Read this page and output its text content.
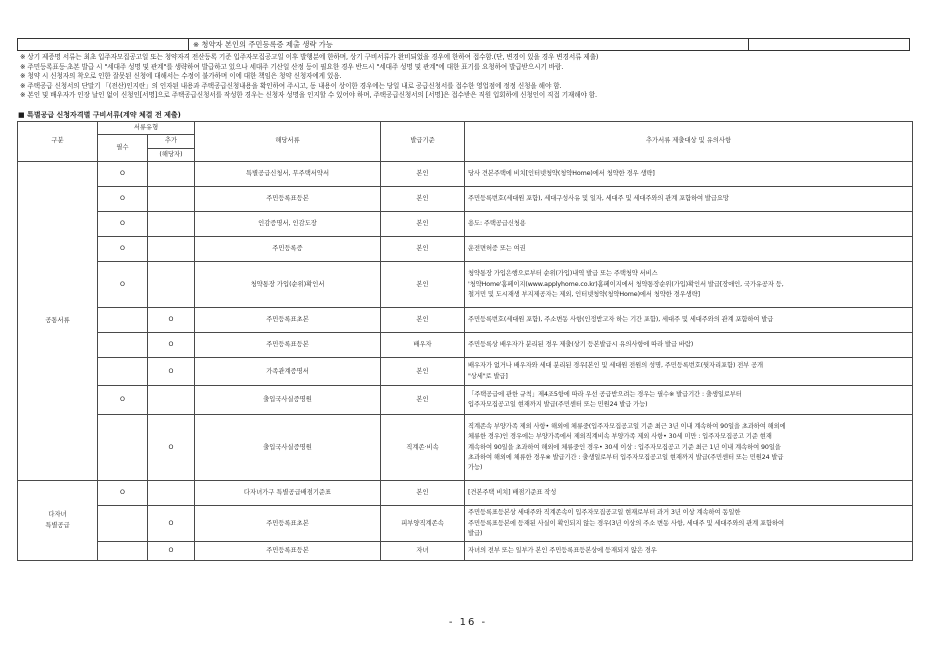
※ 청약자 본인의 주민등록증 제출 생략 가능
※ 상기 제증명 서류는 최초 입주자모집공고일 또는 청약자격 전산등록 기준 입주자모집공고일 이후 발행분에 한하며, 상기 구비서류가 완비되었을 경우에 한하여 접수함.(단, 변경이 있을 경우 변경서류 제출)
※ 주민등록표등·초본 발급 시 "세대주 성명 및 관계"를 생략하여 발급하고 있으나 세대주 기산일 산정 등이 필요한 경우 반드시 "세대주 성명 및 관계"에 대한 표기를 요청하여 발급받으시기 바람.
※ 청약 시 신청자의 착오로 인한 잘못된 신청에 대해서는 수정이 불가하며 이에 대한 책임은 청약 신청자에게 있음.
※ 주택공급 신청서의 단말기 「(전산)인지란」의 인자된 내용과 주택공급신청내용을 확인하여 주시고, 동 내용이 상이한 경우에는 당일 내로 공급신청서를 접수한 영업점에 정정 신청을 해야 함.
※ 본인 및 배우자가 인장 날인 없이 신청인[서명]으로 주택공급신청서를 작성한 경우는 신청자 성명을 인지할 수 있어야 하며, 주택공급신청서의 [서명]은 접수받은 직원 입회하에 신청인이 직접 기재해야 함.
■ 특별공급 신청자격별 구비서류(계약 체결 전 제출)
구분	서류유형		해당서류	발급기준	추가서류 제출대상 및 유의사항
	필수	추가			
		(해당자)			

공통서류	O		특별공급신청서, 무주택서약서	본인	당사 견본주택에 비치[인터넷청약(청약Home)에서 청약한 경우 생략]

	O		주민등록표등본	본인	주민등록번호(세대원 포함), 세대구성사유 및 일자, 세대주 및 세대주와의 관계 포함하여 발급요망

	O		인감증명서, 인감도장	본인	용도: 주택공급신청용

	O		주민등록증	본인	운전면허증 또는 여권

	O		청약통장 가입(순위)확인서	본인	청약통장 가입은행으로부터 순위(가입)내역 발급 또는 주택청약 서비스
'청약Home'홈페이지(www.applyhome.co.kr)홈페이지에서 청약통장순위(가입)확인서 발급[장애인, 국가유공자 등,
철거민 및 도시재생 부지제공자는 제외, 인터넷청약(청약Home)에서 청약한 경우생략]

		O	주민등록표초본	본인	주민등록번호(세대원 포함), 주소변동 사항(인정받고자 하는 기간 포함), 세대주 및 세대주와의 관계 포함하여 발급

		O	주민등록표등본	배우자	주민등록상 배우자가 분리된 경우 제출(상기 등본발급시 유의사항에 따라 발급 바람)

		O	가족관계증명서	본인	배우자가 없거나 배우자와 세대 분리된 경우[본인 및 세대원 전원의 성명, 주민등록번호(뒷자리포함) 전부 공개
"상세"로 발급]

	O		출입국사실증명원	본인	「주택공급에 관한 규칙」제4조5항에 따라 우선 공급받으려는 경우는 필수※ 발급기간 : 출생일로부터
입주자모집공고일 현재까지 발급(주민센터 또는 민원24 발급 가능)

		O	출입국사실증명원	직계존·비속	직계존속 부양가족 제외 사항• 해외에 체류중(입주자모집공고일 기준 최근 3년 이내 계속하여 90일을 초과하여 해외에
체류한 경우)인 경우에는 부양가족에서 제외직계비속 부양가족 제외 사항• 30세 미만 : 입주자모집공고 기준 현재
계속하여 90일을 초과하여 해외에 체류중인 경우• 30세 이상 : 입주자모집공고 기준 최근 1년 이내 계속하여 90일을
초과하여 해외에 체류한 경우※ 발급기간 : 출생일로부터 입주자모집공고일 현재까지 발급(주민센터 또는 민원24 발급
가능)

다자녀
특별공급	O		다자녀가구 특별공급배점기준표	본인	[견본주택 비치] 배점기준표 작성

		O	주민등록표초본	피부양직계존속	주민등록표등본상 세대주와 직계존속이 입주자모집공고일 현재로부터 과거 3년 이상 계속하여 동일한
주민등록표등본에 등재된 사실이 확인되지 않는 경우(3년 이상의 주소 변동 사항, 세대주 및 세대주와의 관계 포함하여
발급)

		O	주민등록표등본	자녀	자녀의 전부 또는 일부가 본인 주민등록표등본상에 등재되지 않은 경우
- 16 -
